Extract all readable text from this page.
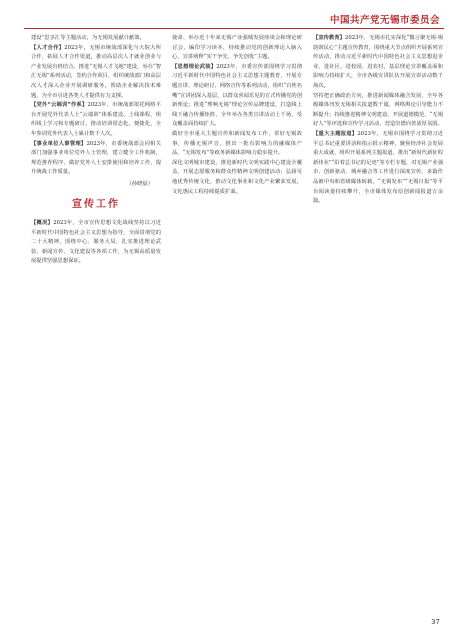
中国共产党无锡市委员会

建设”思享汇等主题活动，为无锡发展献计献策。

【人才合作】2023年，无锡市统战部深化与大院大所合作，拓展人才合作渠道，推动高层次人才就业创业与产业发展有机结合。推进“无锡人才飞地”建设，举办“智汇无锡”系列活动，签约合作项目，组织统战部门和高层次人才深入企业开展调研服务，帮助企业解决技术难题，为全市引进各类人才提供有力支撑。

【党外“云端训”作系】2023年，市统战部依托网络平台开展党外代表人士“云端训”体系建设，上线课程，组织线上学习和专题研讨，推动培训常态化、便捷化，全年参训党外代表人士累计数千人次。

【事业单位人事管理】2023年，市委统战部会同相关部门加强事业单位党外人士管理，建立健全工作机制，规范推荐程序，做好党外人士安排使用和培养工作，提升统战工作质量。

（孙晓晨）

宣传工作

【概况】2023年，全市宣传思想文化战线坚持以习近平新时代中国特色社会主义思想为指导，全面贯彻党的二十大精神，围绕中心、服务大局，扎实推进理论武装、新闻宣传、文化建设等各项工作，为无锡高质量发展提供坚强思想保证。

使命、举办近十年来无锡产业强城发展座谈会和理论研讨会，编印学习读本，持续推动党的创新理论入脑入心，宣讲阐释“实干争先、争先创优”主题。

【思想理论武装】2023年，市委宣传部围绕学习贯彻习近平新时代中国特色社会主义思想主题教育，开展专题宣讲、理论研讨、网络宣传等系列活动，组织“百姓名嘴”宣讲团深入基层，以群众喜闻乐见的方式传播党的创新理论；推进“理响无锡”理论宣传品牌建设，打造线上线下融合传播矩阵，全年举办各类宣讲活动上千场，受众覆盖面持续扩大。

做好全市重大主题宣传和新闻发布工作，讲好无锡故事，传播无锡声音，推出一批有影响力的融媒体产品，“无锡发布”等政务新媒体影响力稳步提升。

深化文明城市建设，推进新时代文明实践中心建设全覆盖，开展志愿服务和群众性精神文明创建活动；弘扬吴地优秀传统文化，推动文化事业和文化产业繁荣发展，文化惠民工程持续提质扩面。

【宣传教育】2023年，无锡市扎实深化“微言聚无锡·锡韵润民心”主题宣传教育，围绕重大节点组织开展系列宣传活动，推动习近平新时代中国特色社会主义思想进企业、进社区、进校园、进农村，基层理论宣讲覆盖面和影响力持续扩大，全市各级宣讲队伍开展宣讲活动数千场次。

坚持把正确政治方向，推进新闻媒体融合发展，全年各级媒体刊发无锡相关报道数千篇，网络舆论引导能力不断提升；持续推进精神文明建设，开展道德模范、“无锡好人”等评选和宣传学习活动，营造崇德向善浓厚氛围。

【重大主题报道】2023年，无锡市围绕学习贯彻习近平总书记重要讲话和指示批示精神，聚焦经济社会发展重大成就，组织开展系列主题报道，推出“新时代新征程新伟业”“沿着总书记的足迹”等专栏专题，对无锡产业强市、创新驱动、城乡融合等工作进行深度宣传，多篇作品被中央和省级媒体转载，“无锡发布”“无锡日报”等平台阅读量持续攀升，全市媒体发布原创新闻报道万余篇。

37
